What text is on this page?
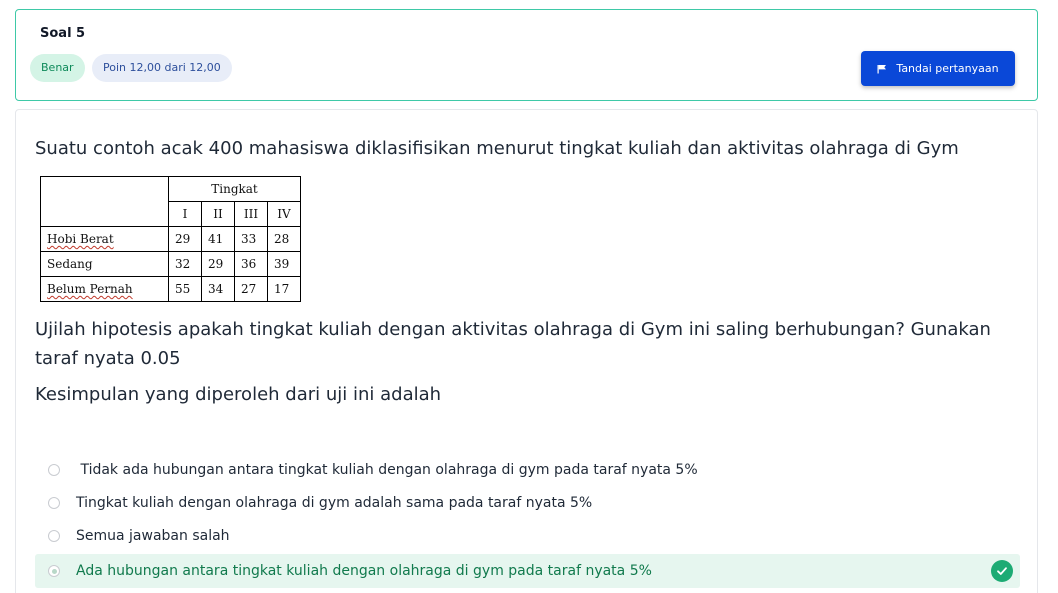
Soal 5
Benar	Poin 12,00 dari 12,00	Tandai pertanyaan
Suatu contoh acak 400 mahasiswa diklasifisikan menurut tingkat kuliah dan aktivitas olahraga di Gym
	Tingkat			
	I	II	III	IV
Hobi Berat	29	41	33	28
Sedang	32	29	36	39
Belum Pernah	55	34	27	17
Ujilah hipotesis apakah tingkat kuliah dengan aktivitas olahraga di Gym ini saling berhubungan? Gunakan
taraf nyata 0.05
Kesimpulan yang diperoleh dari uji ini adalah
Tidak ada hubungan antara tingkat kuliah dengan olahraga di gym pada taraf nyata 5%
Tingkat kuliah dengan olahraga di gym adalah sama pada taraf nyata 5%
Semua jawaban salah
Ada hubungan antara tingkat kuliah dengan olahraga di gym pada taraf nyata 5%
